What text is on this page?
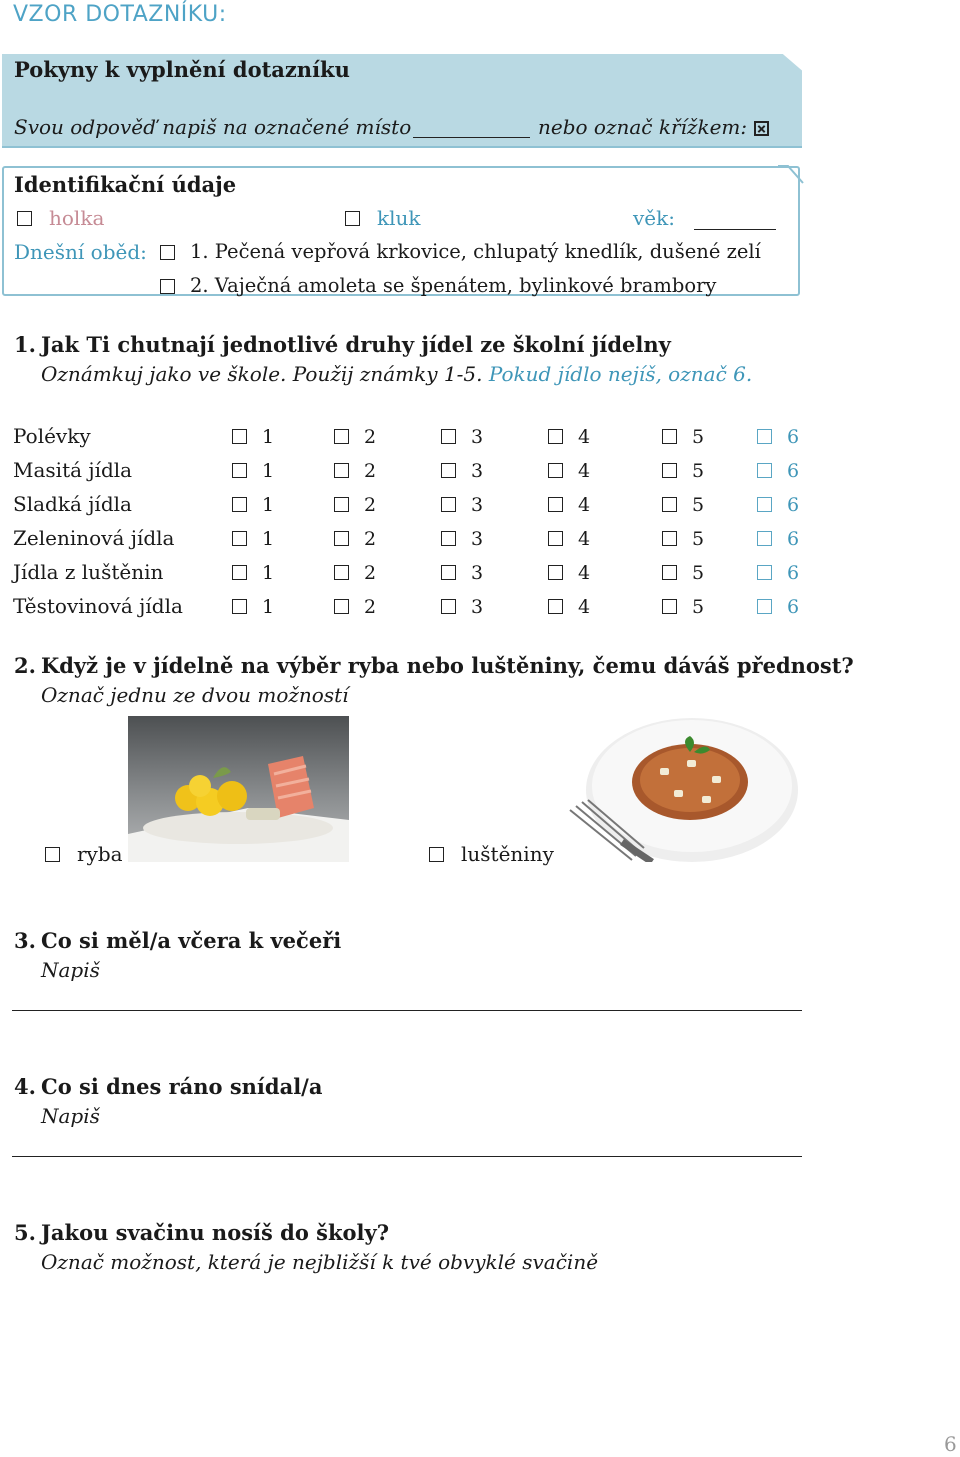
VZOR DOTAZNÍKU:
Pokyny k vyplnění dotazníku
Svou odpověď napiš na označené místo	nebo označ křížkem:
Identifikační údaje
holka	kluk	věk:
Dnešní oběd: 1. Pečená vepřová krkovice, chlupatý knedlík, dušené zelí
2. Vaječná amoleta se špenátem, bylinkové brambory
1. Jak Ti chutnají jednotlivé druhy jídel ze školní jídelny
Oznámkuj jako ve škole. Použij známky 1-5. Pokud jídlo nejíš, označ 6.
Polévky	1	2	3	4	5	6
Masitá jídla	1	2	3	4	5	6
Sladká jídla	1	2	3	4	5	6
Zeleninová jídla	1	2	3	4	5	6
Jídla z luštěnin	1	2	3	4	5	6
Těstovinová jídla	1	2	3	4	5	6
2. Když je v jídelně na výběr ryba nebo luštěniny, čemu dáváš přednost?
Označ jednu ze dvou možností
ryba	luštěniny
3. Co si měl/a včera k večeři
Napiš
4. Co si dnes ráno snídal/a
Napiš
5. Jakou svačinu nosíš do školy?
Označ možnost, která je nejbližší k tvé obvyklé svačině
6
